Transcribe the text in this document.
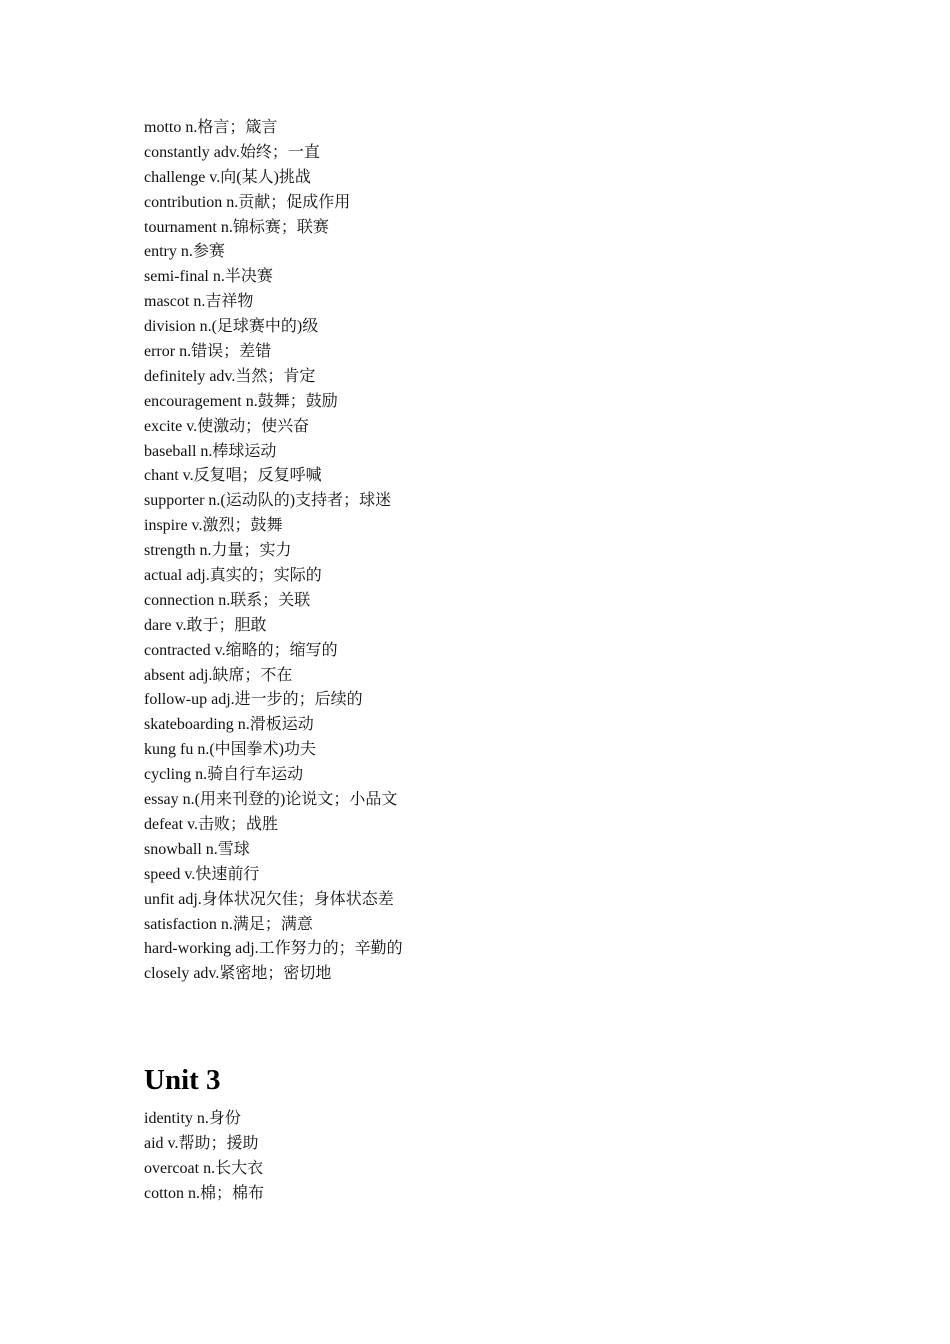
motto n.格言；箴言
constantly adv.始终；一直
challenge v.向(某人)挑战
contribution n.贡献；促成作用
tournament n.锦标赛；联赛
entry n.参赛
semi-final n.半决赛
mascot n.吉祥物
division n.(足球赛中的)级
error n.错误；差错
definitely adv.当然；肯定
encouragement n.鼓舞；鼓励
excite v.使激动；使兴奋
baseball n.棒球运动
chant v.反复唱；反复呼喊
supporter n.(运动队的)支持者；球迷
inspire v.激烈；鼓舞
strength n.力量；实力
actual adj.真实的；实际的
connection n.联系；关联
dare v.敢于；胆敢
contracted v.缩略的；缩写的
absent adj.缺席；不在
follow-up adj.进一步的；后续的
skateboarding n.滑板运动
kung fu n.(中国拳术)功夫
cycling n.骑自行车运动
essay n.(用来刊登的)论说文；小品文
defeat v.击败；战胜
snowball n.雪球
speed v.快速前行
unfit adj.身体状况欠佳；身体状态差
satisfaction n.满足；满意
hard-working adj.工作努力的；辛勤的
closely adv.紧密地；密切地
Unit 3
identity n.身份
aid v.帮助；援助
overcoat n.长大衣
cotton n.棉；棉布
